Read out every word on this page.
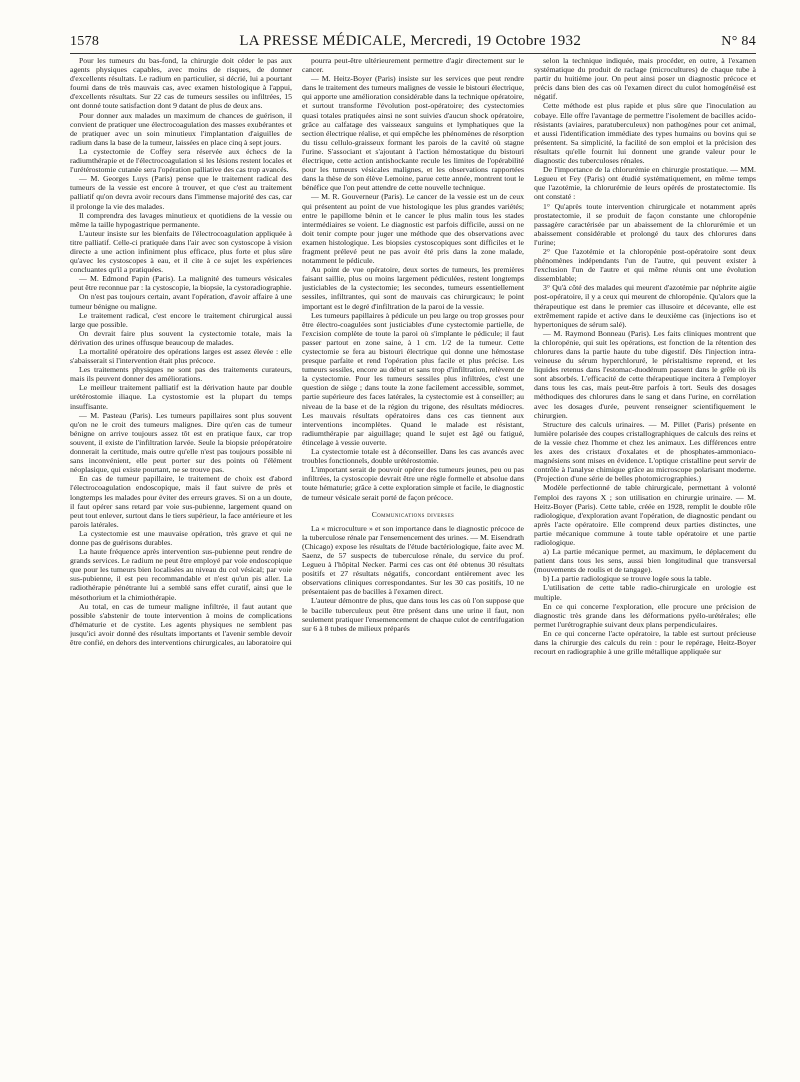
1578	LA PRESSE MÉDICALE, Mercredi, 19 Octobre 1932	N° 84

Pour les tumeurs du bas-fond, la chirurgie doit céder le pas aux agents physiques capables, avec moins de risques, de donner d'excellents résultats. Le radium en particulier, si décrié, lui a pourtant fourni dans de très mauvais cas, avec examen histologique à l'appui, d'excellents résultats. Sur 22 cas de tumeurs sessiles ou infiltrées, 15 ont donné toute satisfaction dont 9 datant de plus de deux ans.

Pour donner aux malades un maximum de chances de guérison, il convient de pratiquer une électrocoagulation des masses exubérantes et de pratiquer avec un soin minutieux l'implantation d'aiguilles de radium dans la base de la tumeur, laissées en place cinq à sept jours.

La cystectomie de Coffey sera réservée aux échecs de la radiumthérapie et de l'électrocoagulation si les lésions restent locales et l'urétérostomie cutanée sera l'opération palliative des cas trop avancés.

— M. Georges Luys (Paris) pense que le traitement radical des tumeurs de la vessie est encore à trouver, et que c'est au traitement palliatif qu'on devra avoir recours dans l'immense majorité des cas, car il prolonge la vie des malades.

Il comprendra des lavages minutieux et quotidiens de la vessie ou même la taille hypogastrique permanente.

L'auteur insiste sur les bienfaits de l'électrocoagulation appliquée à titre palliatif. Celle-ci pratiquée dans l'air avec son cystoscope à vision directe a une action infiniment plus efficace, plus forte et plus sûre qu'avec les cystoscopes à eau, et il cite à ce sujet les expériences concluantes qu'il a pratiquées.

— M. Edmond Papin (Paris). La malignité des tumeurs vésicales peut être reconnue par : la cystoscopie, la biopsie, la cystoradiographie.

On n'est pas toujours certain, avant l'opération, d'avoir affaire à une tumeur bénigne ou maligne.

Le traitement radical, c'est encore le traitement chirurgical aussi large que possible.

On devrait faire plus souvent la cystectomie totale, mais la dérivation des urines offusque beaucoup de malades.

La mortalité opératoire des opérations larges est assez élevée : elle s'abaisserait si l'intervention était plus précoce.

Les traitements physiques ne sont pas des traitements curateurs, mais ils peuvent donner des améliorations.

Le meilleur traitement palliatif est la dérivation haute par double urétérostomie iliaque. La cystostomie est la plupart du temps insuffisante.

— M. Pasteau (Paris). Les tumeurs papillaires sont plus souvent qu'on ne le croit des tumeurs malignes. Dire qu'en cas de tumeur bénigne on arrive toujours assez tôt est en pratique faux, car trop souvent, il existe de l'infiltration larvée. Seule la biopsie préopératoire donnerait la certitude, mais outre qu'elle n'est pas toujours possible ni sans inconvénient, elle peut porter sur des points où l'élément néoplasique, qui existe pourtant, ne se trouve pas.

En cas de tumeur papillaire, le traitement de choix est d'abord l'électrocoagulation endoscopique, mais il faut suivre de près et longtemps les malades pour éviter des erreurs graves. Si on a un doute, il faut opérer sans retard par voie sus-pubienne, largement quand on peut tout enlever, surtout dans le tiers supérieur, la face antérieure et les parois latérales.

La cystectomie est une mauvaise opération, très grave et qui ne donne pas de guérisons durables.

La haute fréquence après intervention sus-pubienne peut rendre de grands services. Le radium ne peut être employé par voie endoscopique que pour les tumeurs bien localisées au niveau du col vésical; par voie sus-pubienne, il est peu recommandable et n'est qu'un pis aller. La radiothérapie pénétrante lui a semblé sans effet curatif, ainsi que le mésothorium et la chimiothérapie.

Au total, en cas de tumeur maligne infiltrée, il faut autant que possible s'abstenir de toute intervention à moins de complications d'hématurie et de cystite. Les agents physiques ne semblent pas jusqu'ici avoir donné des résultats importants et l'avenir semble devoir être confié, en dehors des interventions chirurgicales, au laboratoire qui

pourra peut-être ultérieurement permettre d'agir directement sur le cancer.

— M. Heitz-Boyer (Paris) insiste sur les services que peut rendre dans le traitement des tumeurs malignes de vessie le bistouri électrique, qui apporte une amélioration considérable dans la technique opératoire, et surtout transforme l'évolution post-opératoire; des cystectomies quasi totales pratiquées ainsi ne sont suivies d'aucun shock opératoire, grâce au calfatage des vaisseaux sanguins et lymphatiques que la section électrique réalise, et qui empêche les phénomènes de résorption du tissu cellulo-graisseux formant les parois de la cavité où stagne l'urine. S'associant et s'ajoutant à l'action hémostatique du bistouri électrique, cette action antishockante recule les limites de l'opérabilité pour les tumeurs vésicales malignes, et les observations rapportées dans la thèse de son élève Lemoine, parue cette année, montrent tout le bénéfice que l'on peut attendre de cette nouvelle technique.

— M. R. Gouverneur (Paris). Le cancer de la vessie est un de ceux qui présentent au point de vue histologique les plus grandes variétés; entre le papillome bénin et le cancer le plus malin tous les stades intermédiaires se voient. Le diagnostic est parfois difficile, aussi on ne doit tenir compte pour juger une méthode que des observations avec examen histologique. Les biopsies cystoscopiques sont difficiles et le fragment prélevé peut ne pas avoir été pris dans la zone malade, notamment le pédicule.

Au point de vue opératoire, deux sortes de tumeurs, les premières faisant saillie, plus ou moins largement pédiculées, restent longtemps justiciables de la cystectomie; les secondes, tumeurs essentiellement sessiles, infiltrantes, qui sont de mauvais cas chirurgicaux; le point important est le degré d'infiltration de la paroi de la vessie.

Les tumeurs papillaires à pédicule un peu large ou trop grosses pour être électro-coagulées sont justiciables d'une cystectomie partielle, de l'excision complète de toute la paroi où s'implante le pédicule; il faut passer partout en zone saine, à 1 cm. 1/2 de la tumeur. Cette cystectomie se fera au bistouri électrique qui donne une hémostase presque parfaite et rend l'opération plus facile et plus précise. Les tumeurs sessiles, encore au début et sans trop d'infiltration, relèvent de la cystectomie. Pour les tumeurs sessiles plus infiltrées, c'est une question de siège ; dans toute la zone facilement accessible, sommet, partie supérieure des faces latérales, la cystectomie est à conseiller; au niveau de la base et de la région du trigone, des résultats médiocres. Les mauvais résultats opératoires dans ces cas tiennent aux interventions incomplètes. Quand le malade est résistant, radiumthérapie par aiguillage; quand le sujet est âgé ou fatigué, étincelage à vessie ouverte.

La cystectomie totale est à déconseiller. Dans les cas avancés avec troubles fonctionnels, double urétérostomie.

L'important serait de pouvoir opérer des tumeurs jeunes, peu ou pas infiltrées, la cystoscopie devrait être une règle formelle et absolue dans toute hématurie; grâce à cette exploration simple et facile, le diagnostic de tumeur vésicale serait porté de façon précoce.

Communications diverses

La « microculture » et son importance dans le diagnostic précoce de la tuberculose rénale par l'ensemencement des urines. — M. Eisendrath (Chicago) expose les résultats de l'étude bactériologique, faite avec M. Saenz, de 57 suspects de tuberculose rénale, du service du prof. Legueu à l'hôpital Necker. Parmi ces cas ont été obtenus 30 résultats positifs et 27 résultats négatifs, concordant entièrement avec les observations cliniques correspondantes. Sur les 30 cas positifs, 10 ne présentaient pas de bacilles à l'examen direct.

L'auteur démontre de plus, que dans tous les cas où l'on suppose que le bacille tuberculeux peut être présent dans une urine il faut, non seulement pratiquer l'ensemencement de chaque culot de centrifugation sur 6 à 8 tubes de milieux préparés

selon la technique indiquée, mais procéder, en outre, à l'examen systématique du produit de raclage (microcultures) de chaque tube à partir du huitième jour. On peut ainsi poser un diagnostic précoce et précis dans bien des cas où l'examen direct du culot homogénéisé est négatif.

Cette méthode est plus rapide et plus sûre que l'inoculation au cobaye. Elle offre l'avantage de permettre l'isolement de bacilles acido-résistants (aviaires, paratuberculeux) non pathogènes pour cet animal, et aussi l'identification immédiate des types humains ou bovins qui se présentent. Sa simplicité, la facilité de son emploi et la précision des résultats qu'elle fournit lui donnent une grande valeur pour le diagnostic des tuberculoses rénales.

De l'importance de la chlorurémie en chirurgie prostatique. — MM. Legueu et Fey (Paris) ont étudié systématiquement, en même temps que l'azotémie, la chlorurémie de leurs opérés de prostatectomie. Ils ont constaté :

1° Qu'après toute intervention chirurgicale et notamment après prostatectomie, il se produit de façon constante une chloropénie passagère caractérisée par un abaissement de la chlorurémie et un abaissement considérable et prolongé du taux des chlorures dans l'urine;

2° Que l'azotémie et la chloropénie post-opératoire sont deux phénomènes indépendants l'un de l'autre, qui peuvent exister à l'exclusion l'un de l'autre et qui même réunis ont une évolution dissemblable;

3° Qu'à côté des malades qui meurent d'azotémie par néphrite aigüe post-opératoire, il y a ceux qui meurent de chloropénie. Qu'alors que la thérapeutique est dans le premier cas illusoire et décevante, elle est extrêmement rapide et active dans le deuxième cas (injections iso et hypertoniques de sérum salé).

— M. Raymond Bonneau (Paris). Les faits cliniques montrent que la chloropénie, qui suit les opérations, est fonction de la rétention des chlorures dans la partie haute du tube digestif. Dès l'injection intra-veineuse du sérum hyperchloruré, le péristaltisme reprend, et les liquides retenus dans l'estomac-duodénum passent dans le grêle où ils sont absorbés. L'efficacité de cette thérapeutique incitera à l'employer dans tous les cas, mais peut-être parfois à tort. Seuls des dosages méthodiques des chlorures dans le sang et dans l'urine, en corrélation avec les dosages d'urée, peuvent renseigner scientifiquement le chirurgien.

Structure des calculs urinaires. — M. Pillet (Paris) présente en lumière polarisée des coupes cristallographiques de calculs des reins et de la vessie chez l'homme et chez les animaux. Les différences entre les axes des cristaux d'oxalates et de phosphates-ammoniaco-magnésiens sont mises en évidence. L'optique cristalline peut servir de contrôle à l'analyse chimique grâce au microscope polarisant moderne. (Projection d'une série de belles photomicrographies.)

Modèle perfectionné de table chirurgicale, permettant à volonté l'emploi des rayons X ; son utilisation en chirurgie urinaire. — M. Heitz-Boyer (Paris). Cette table, créée en 1928, remplit le double rôle radiologique, d'exploration avant l'opération, de diagnostic pendant ou après l'acte opératoire. Elle comprend deux parties distinctes, une partie mécanique commune à toute table opératoire et une partie radiologique.

a) La partie mécanique permet, au maximum, le déplacement du patient dans tous les sens, aussi bien longitudinal que transversal (mouvements de roulis et de tangage).

b) La partie radiologique se trouve logée sous la table.

L'utilisation de cette table radio-chirurgicale en urologie est multiple.

En ce qui concerne l'exploration, elle procure une précision de diagnostic très grande dans les déformations pyélo-urétérales; elle permet l'urétrographie suivant deux plans perpendiculaires.

En ce qui concerne l'acte opératoire, la table est surtout précieuse dans la chirurgie des calculs du rein : pour le repérage, Heitz-Boyer recourt en radiographie à une grille métallique appliquée sur
